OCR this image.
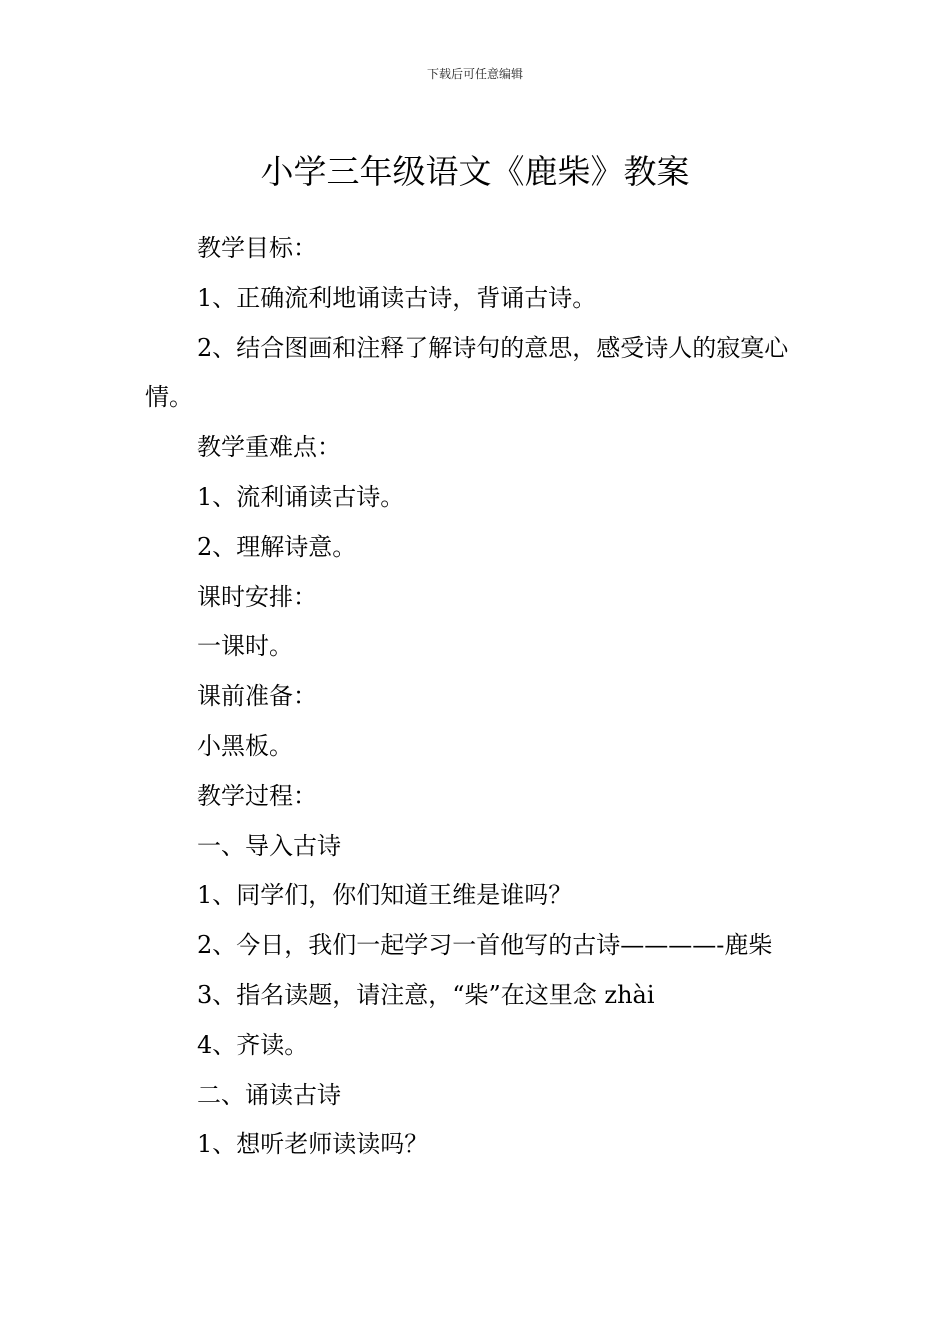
下载后可任意编辑
小学三年级语文《鹿柴》教案

教学目标：

1、正确流利地诵读古诗，背诵古诗。

2、结合图画和注释了解诗句的意思，感受诗人的寂寞心情。

教学重难点：

1、流利诵读古诗。

2、理解诗意。

课时安排：

一课时。

课前准备：

小黑板。

教学过程：

一、导入古诗

1、同学们，你们知道王维是谁吗？

2、今日，我们一起学习一首他写的古诗————-鹿柴

3、指名读题，请注意，“柴”在这里念 zhài

4、齐读。

二、诵读古诗

1、想听老师读读吗？
